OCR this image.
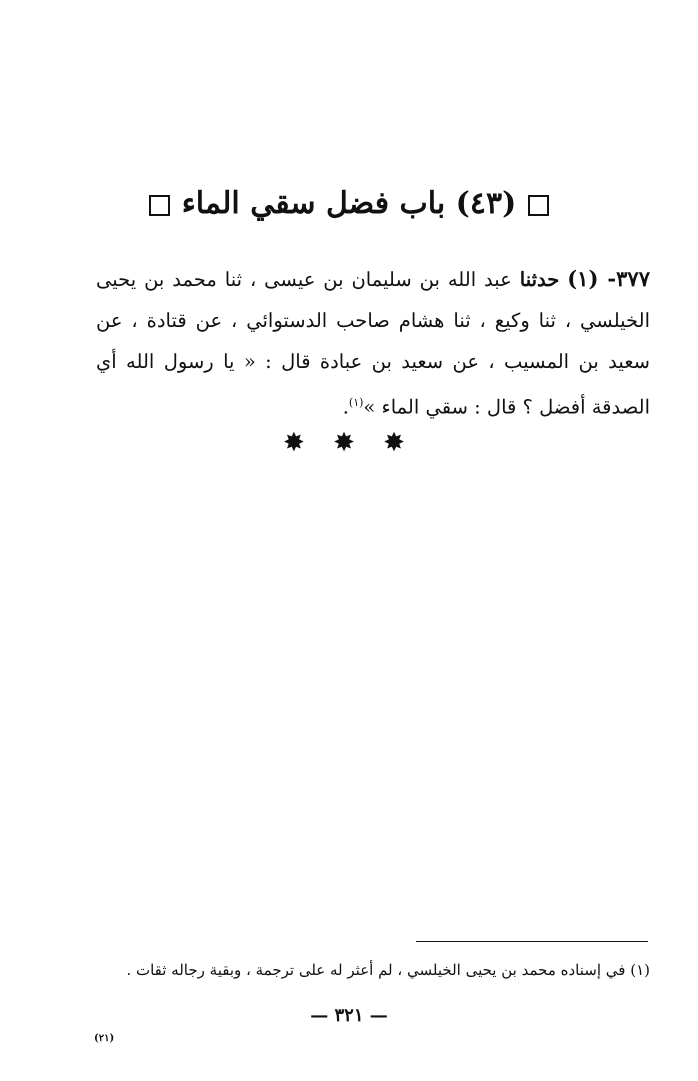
(٤٣) باب فضل سقي الماء
٣٧٧- (١) حدثنا عبد الله بن سليمان بن عيسى ، ثنا محمد بن يحيى الخيلسي ، ثنا وكيع ، ثنا هشام صاحب الدستوائي ، عن قتادة ، عن سعيد بن المسيب ، عن سعيد بن عبادة قال : « يا رسول الله أي الصدقة أفضل ؟ قال : سقي الماء »$^{(١)}$.
✸ ✸ ✸
(١) في إسناده محمد بن يحيى الخيلسي ، لم أعثر له على ترجمة ، وبقية رجاله ثقات .
— ٣٢١ —
(٢١)
